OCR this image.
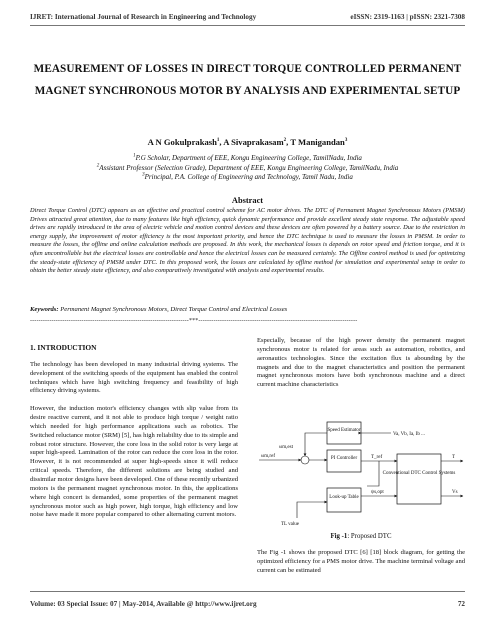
IJRET: International Journal of Research in Engineering and Technology	eISSN: 2319-1163 | pISSN: 2321-7308
MEASUREMENT OF LOSSES IN DIRECT TORQUE CONTROLLED PERMANENT MAGNET SYNCHRONOUS MOTOR BY ANALYSIS AND EXPERIMENTAL SETUP
A N Gokulprakash$^1$, A Sivaprakasam$^2$, T Manigandan$^3$
$^1$P.G Scholar, Department of EEE, Kongu Engineering College, TamilNadu, India
$^2$Assistant Professor (Selection Grade), Department of EEE, Kongu Engineering College, TamilNadu, India
$^3$Principal, P.A. College of Engineering and Technology, Tamil Nadu, India
Abstract
Direct Torque Control (DTC) appears as an effective and practical control scheme for AC motor drives. The DTC of Permanent Magnet Synchronous Motors (PMSM) Drives attracted great attention, due to many features like high efficiency, quick dynamic performance and provide excellent steady state response. The adjustable speed drives are rapidly introduced in the area of electric vehicle and motion control devices and these devices are often powered by a battery source. Due to the restriction in energy supply, the improvement of motor efficiency is the most important priority, and hence the DTC technique is used to measure the losses in PMSM. In order to measure the losses, the offline and online calculation methods are proposed. In this work, the mechanical losses is depends on rotor speed and friction torque, and it is often uncontrollable but the electrical losses are controllable and hence the electrical losses can be measured certainly. The Offline control method is used for optimizing the steady-state efficiency of PMSM under DTC. In this proposed work, the losses are calculated by offline method for simulation and experimental setup in order to obtain the better steady state efficiency, and also comparatively investigated with analysis and experimental results.
Keywords: Permanent Magnet Synchronous Motors, Direct Torque Control and Electrical Losses
--------------------------------------------------------------------------***--------------------------------------------------------------------------
1. INTRODUCTION

The technology has been developed in many industrial driving systems. The development of the switching speeds of the equipment has enabled the control techniques which have high switching frequency and feasibility of high efficiency driving systems.

However, the induction motor's efficiency changes with slip value from its desire reactive current, and it not able to produce high torque / weight ratio which needed for high performance applications such as robotics. The Switched reluctance motor (SRM) [5], has high reliability due to its simple and robust rotor structure. However, the core loss in the solid rotor is very large at super high-speed. Lamination of the rotor can reduce the core loss in the rotor. However, it is not recommended at super high-speeds since it will reduce critical speeds. Therefore, the different solutions are being studied and dissimilar motor designs have been developed. One of these recently urbanized motors is the permanent magnet synchronous motor. In this, the applications where high concert is demanded, some properties of the permanent magnet synchronous motor such as high power, high torque, high efficiency and low noise have made it more popular compared to other alternating current motors.

Especially, because of the high power density the permanent magnet synchronous motor is related for areas such as automation, robotics, and aeronautics technologies. Since the excitation flux is abounding by the magnets and due to the magnet characteristics and position the permanent magnet synchronous motors have both synchronous machine and a direct current machine characteristics

Speed Estimator
Va, Vb, Ia, Ib ...
ωm,est
ωm,ref	PI Controller	T_ref
Look-up Table
ψs,opt
TL value
Conventional DTC Control Systems
T
Vs
Fig -1: Proposed DTC

The Fig -1 shows the proposed DTC [6] [18] block diagram, for getting the optimized efficiency for a PMS motor drive. The machine terminal voltage and current can be estimated

Volume: 03 Special Issue: 07 | May-2014, Available @ http://www.ijret.org	72
